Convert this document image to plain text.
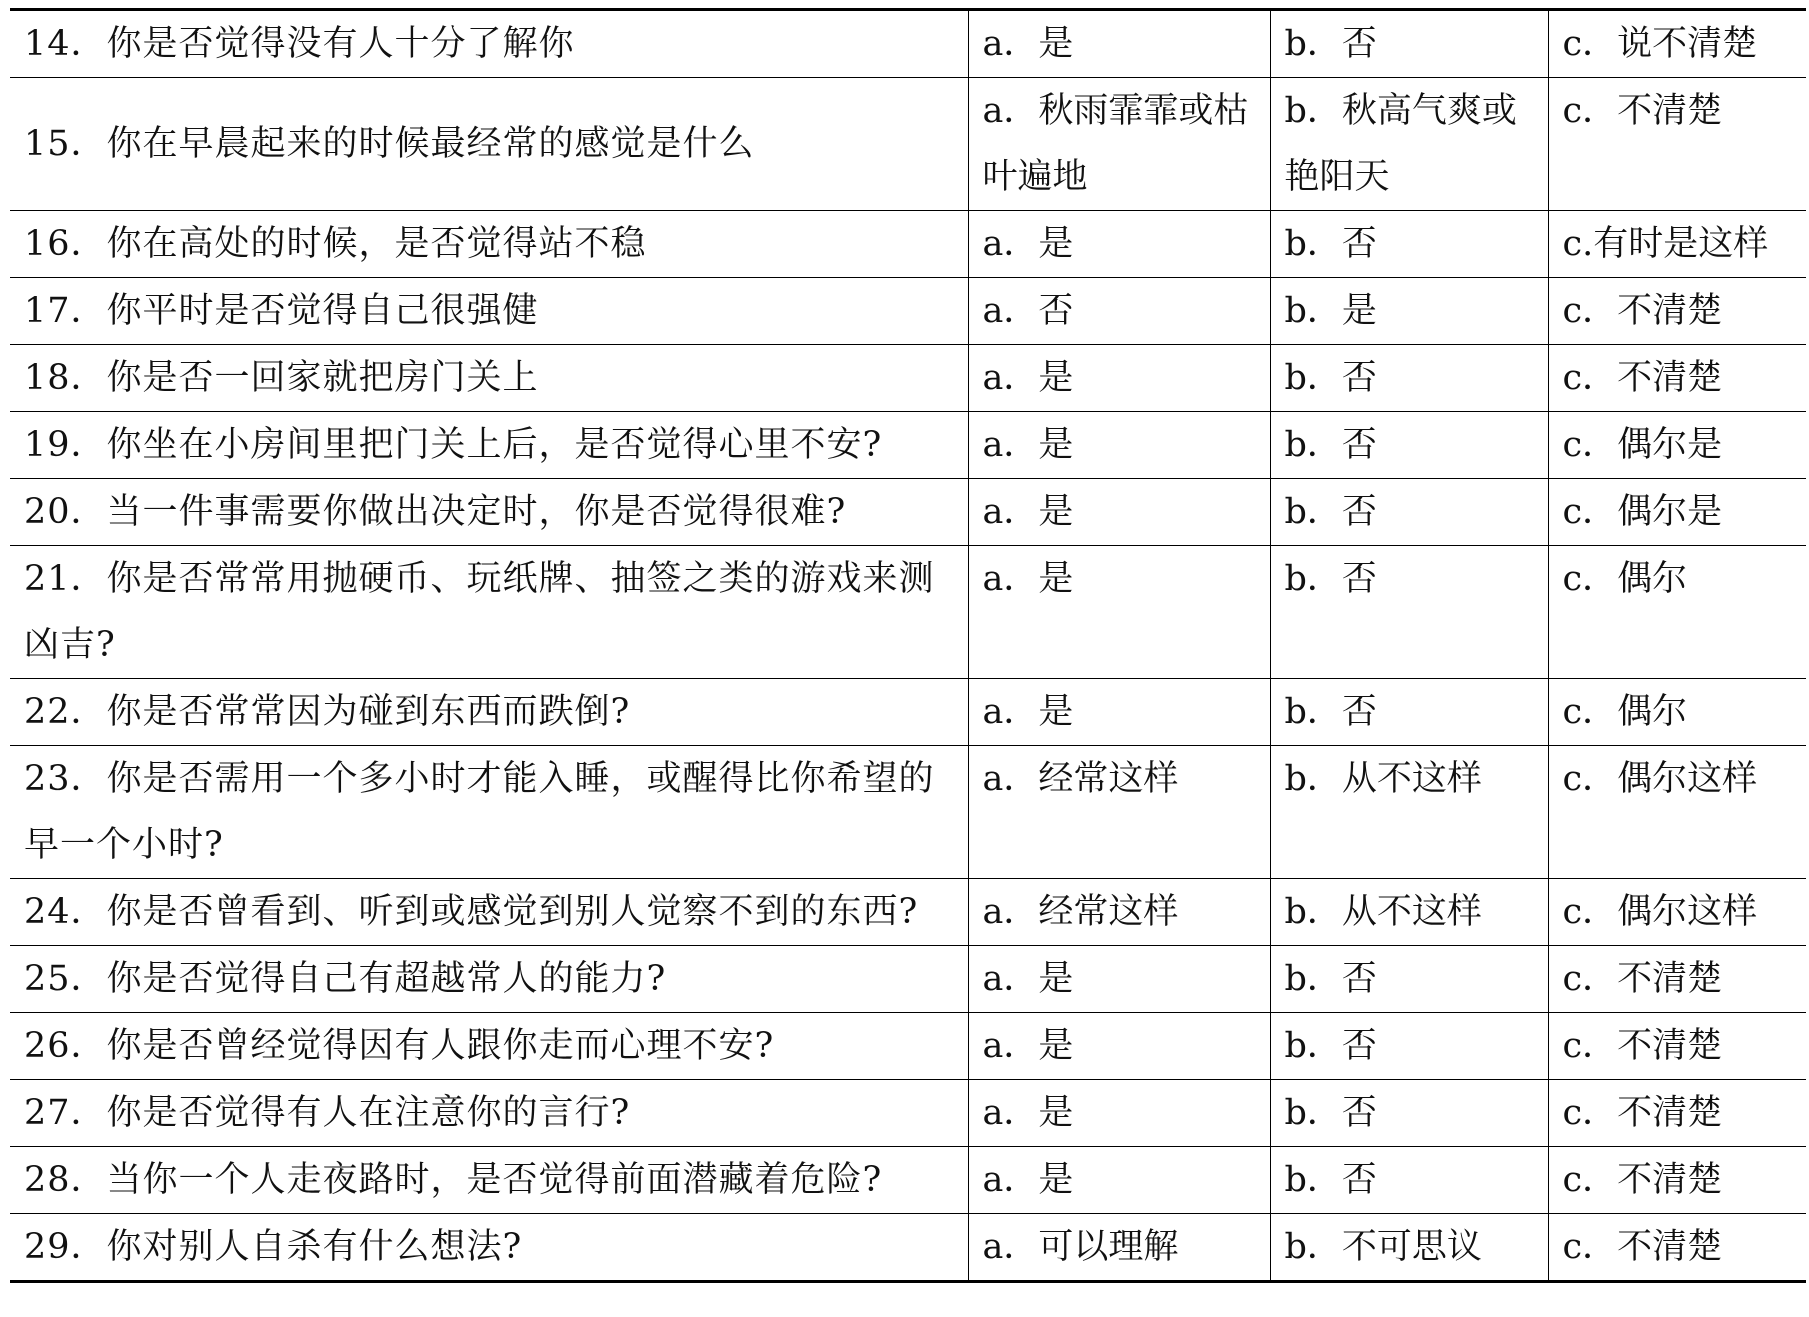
14．你是否觉得没有人十分了解你	a．是	b．否	c．说不清楚
15．你在早晨起来的时候最经常的感觉是什么	a．秋雨霏霏或枯叶遍地	b．秋高气爽或艳阳天	c．不清楚
16．你在高处的时候，是否觉得站不稳	a．是	b．否	c.有时是这样
17．你平时是否觉得自己很强健	a．否	b．是	c．不清楚
18．你是否一回家就把房门关上	a．是	b．否	c．不清楚
19．你坐在小房间里把门关上后，是否觉得心里不安?	a．是	b．否	c．偶尔是
20．当一件事需要你做出决定时，你是否觉得很难?	a．是	b．否	c．偶尔是
21．你是否常常用抛硬币、玩纸牌、抽签之类的游戏来测凶吉?	a．是	b．否	c．偶尔
22．你是否常常因为碰到东西而跌倒?	a．是	b．否	c．偶尔
23．你是否需用一个多小时才能入睡，或醒得比你希望的早一个小时?	a．经常这样	b．从不这样	c．偶尔这样
24．你是否曾看到、听到或感觉到别人觉察不到的东西?	a．经常这样	b．从不这样	c．偶尔这样
25．你是否觉得自己有超越常人的能力?	a．是	b．否	c．不清楚
26．你是否曾经觉得因有人跟你走而心理不安?	a．是	b．否	c．不清楚
27．你是否觉得有人在注意你的言行?	a．是	b．否	c．不清楚
28．当你一个人走夜路时，是否觉得前面潜藏着危险?	a．是	b．否	c．不清楚
29．你对别人自杀有什么想法?	a．可以理解	b．不可思议	c．不清楚
